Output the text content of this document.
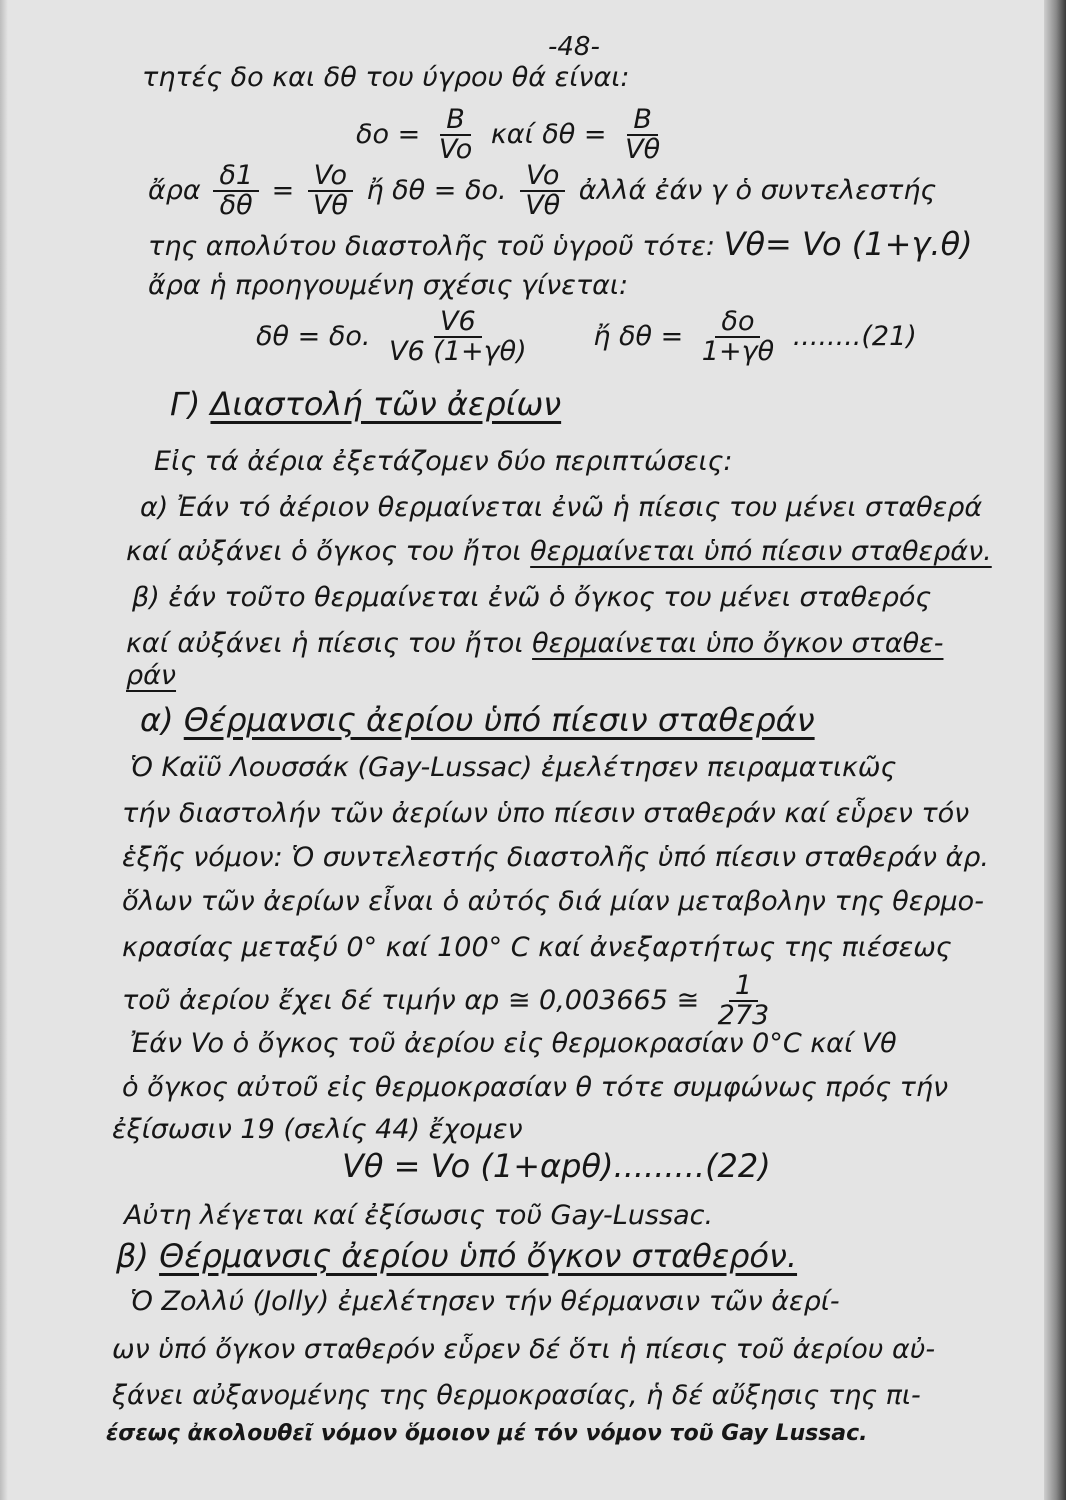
-48-
τητές δο και δθ του ύγρου θά είναι:
$\delta o = \frac{B}{Vo}$ καί $\delta\theta = \frac{B}{V\theta}$
ἄρα $\frac{\delta 1}{\delta\theta} = \frac{Vo}{V\theta}$ ἤ δθ = δο. $\frac{Vo}{V\theta}$ ἀλλά ἐάν γ ὁ συντελεστής
της απολύτου διαστολῆς τοῦ ὑγροῦ τότε: Vθ= Vo (1+γ.θ)
ἄρα ἡ προηγουμένη σχέσις γίνεται:
δθ = δο. $\frac{V6}{V6 (1+\gamma\theta)}$ ἤ $\delta\theta = \frac{\delta o}{1+\gamma\theta} ........(21)$
Γ) Διαστολή τῶν ἀερίων
Εἰς τά ἀέρια ἐξετάζομεν δύο περιπτώσεις:
α) Ἐάν τό ἀέριον θερμαίνεται ἐνῶ ἡ πίεσις του μένει σταθερά
καί αὐξάνει ὁ ὄγκος του ἤτοι θερμαίνεται ὑπό πίεσιν σταθεράν.
β) ἐάν τοῦτο θερμαίνεται ἐνῶ ὁ ὄγκος του μένει σταθερός
καί αὐξάνει ἡ πίεσις του ἤτοι θερμαίνεται ὑπο ὄγκον σταθε-
ράν
α) Θέρμανσις ἀερίου ὑπό πίεσιν σταθεράν
Ὁ Καϊῦ Λουσσάκ (Gay-Lussac) ἐμελέτησεν πειραματικῶς
τήν διαστολήν τῶν ἀερίων ὑπο πίεσιν σταθεράν καί εὗρεν τόν
ἑξῆς νόμον: Ὁ συντελεστής διαστολῆς ὑπό πίεσιν σταθεράν ἀρ.
ὅλων τῶν ἀερίων εἶναι ὁ αὐτός διά μίαν μεταβολην της θερμο-
κρασίας μεταξύ 0° καί 100° C καί ἀνεξαρτήτως της πιέσεως
τοῦ ἀερίου ἔχει δέ τιμήν αp ≅ 0,003665 ≅ $\frac{1}{273}$
Ἐάν Vo ὁ ὄγκος τοῦ ἀερίου εἰς θερμοκρασίαν 0°C καί Vθ
ὁ ὄγκος αὐτοῦ εἰς θερμοκρασίαν θ τότε συμφώνως πρός τήν
ἐξίσωσιν 19 (σελίς 44) ἔχομεν
Vθ = Vo (1+αpθ).........(22)
Αὐτη λέγεται καί ἐξίσωσις τοῦ Gay-Lussac.
β) Θέρμανσις ἀερίου ὑπό ὄγκον σταθερόν.
Ὁ Ζολλύ (Jolly) ἐμελέτησεν τήν θέρμανσιν τῶν ἀερί-
ων ὑπό ὄγκον σταθερόν εὗρεν δέ ὅτι ἡ πίεσις τοῦ ἀερίου αὐ-
ξάνει αὐξανομένης της θερμοκρασίας, ἡ δέ αὔξησις της πι-
έσεως ἀκολουθεῖ νόμον ὅμοιον μέ τόν νόμον τοῦ Gay Lussac.
